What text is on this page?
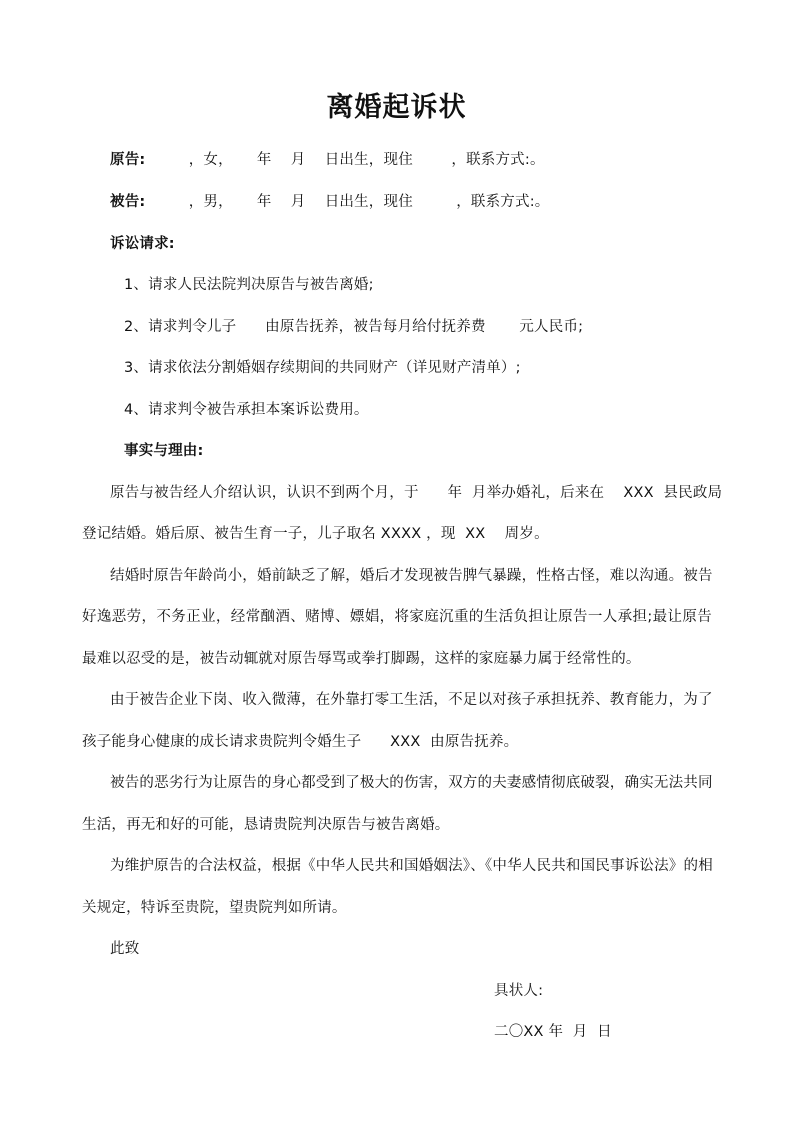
离婚起诉状
原告:         ，女，     年    月    日出生，现住        ，联系方式:。
被告:         ，男，     年    月    日出生，现住         ，联系方式:。
诉讼请求:
1、请求人民法院判决原告与被告离婚;
2、请求判令儿子      由原告抚养，被告每月给付抚养费       元人民币;
3、请求依法分割婚姻存续期间的共同财产（详见财产清单）;
4、请求判令被告承担本案诉讼费用。
事实与理由:
原告与被告经人介绍认识，认识不到两个月，于      年  月举办婚礼，后来在    XXX  县民政局
登记结婚。婚后原、被告生育一子，儿子取名 XXXX ，现  XX    周岁。
结婚时原告年龄尚小，婚前缺乏了解，婚后才发现被告脾气暴躁，性格古怪，难以沟通。被告
好逸恶劳，不务正业，经常酗酒、赌博、嫖娼，将家庭沉重的生活负担让原告一人承担;最让原告
最难以忍受的是，被告动辄就对原告辱骂或拳打脚踢，这样的家庭暴力属于经常性的。
由于被告企业下岗、收入微薄，在外靠打零工生活，不足以对孩子承担抚养、教育能力，为了
孩子能身心健康的成长请求贵院判令婚生子      XXX  由原告抚养。
被告的恶劣行为让原告的身心都受到了极大的伤害，双方的夫妻感情彻底破裂，确实无法共同
生活，再无和好的可能，恳请贵院判决原告与被告离婚。
为维护原告的合法权益，根据《中华人民共和国婚姻法》、《中华人民共和国民事诉讼法》的相
关规定，特诉至贵院，望贵院判如所请。
此致
具状人:
二〇XX 年  月  日
